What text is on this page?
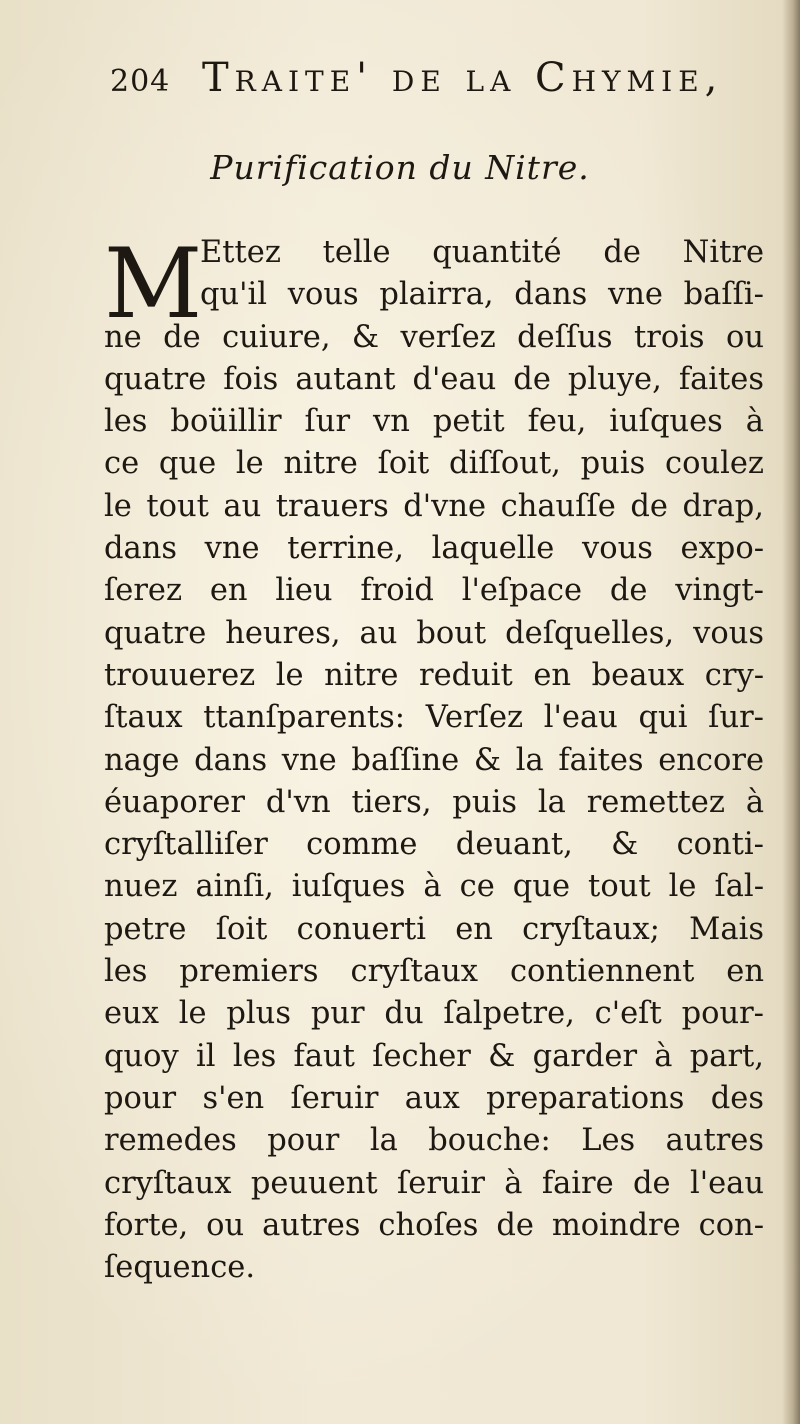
204 Traite' de la Chymie,
Purification du Nitre.
M
Ettez telle quantité de Nitre
qu'il vous plairra, dans vne baſſi-
ne de cuiure, & verſez deſſus trois ou
quatre fois autant d'eau de pluye, faites
les boüillir ſur vn petit feu, iuſques à
ce que le nitre ſoit diſſout, puis coulez
le tout au trauers d'vne chauſſe de drap,
dans vne terrine, laquelle vous expo-
ſerez en lieu froid l'eſpace de vingt-
quatre heures, au bout deſquelles, vous
trouuerez le nitre reduit en beaux cry-
ſtaux ttanſparents: Verſez l'eau qui ſur-
nage dans vne baſſine & la faites encore
éuaporer d'vn tiers, puis la remettez à
cryſtalliſer comme deuant, & conti-
nuez ainſi, iuſques à ce que tout le ſal-
petre ſoit conuerti en cryſtaux; Mais
les premiers cryſtaux contiennent en
eux le plus pur du ſalpetre, c'eſt pour-
quoy il les faut ſecher & garder à part,
pour s'en ſeruir aux preparations des
remedes pour la bouche: Les autres
cryſtaux peuuent ſeruir à faire de l'eau
forte, ou autres choſes de moindre con-
ſequence.
